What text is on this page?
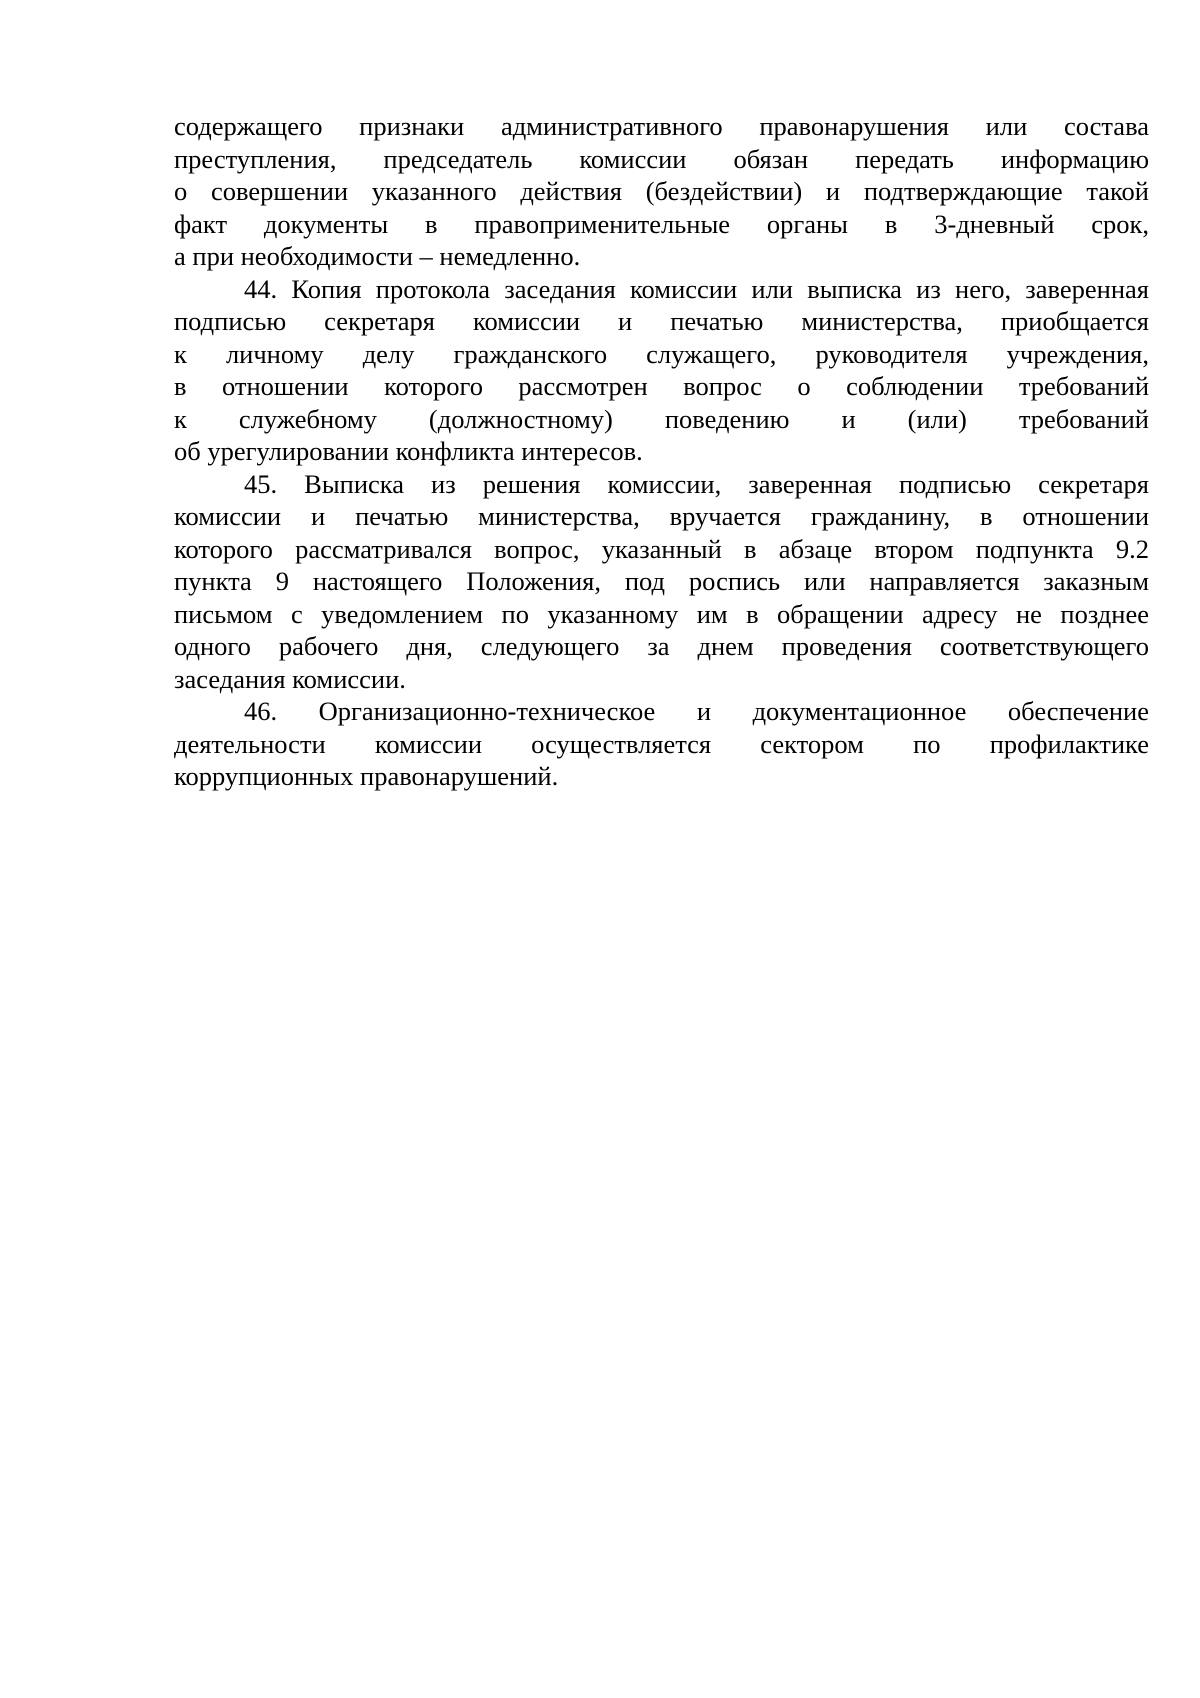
содержащего признаки административного правонарушения или состава
преступления, председатель комиссии обязан передать информацию
о совершении указанного действия (бездействии) и подтверждающие такой
факт документы в правоприменительные органы в 3-дневный срок,
а при необходимости – немедленно.
44. Копия протокола заседания комиссии или выписка из него, заверенная
подписью секретаря комиссии и печатью министерства, приобщается
к личному делу гражданского служащего, руководителя учреждения,
в отношении которого рассмотрен вопрос о соблюдении требований
к служебному (должностному) поведению и (или) требований
об урегулировании конфликта интересов.
45. Выписка из решения комиссии, заверенная подписью секретаря
комиссии и печатью министерства, вручается гражданину, в отношении
которого рассматривался вопрос, указанный в абзаце втором подпункта 9.2
пункта 9 настоящего Положения, под роспись или направляется заказным
письмом с уведомлением по указанному им в обращении адресу не позднее
одного рабочего дня, следующего за днем проведения соответствующего
заседания комиссии.
46. Организационно-техническое и документационное обеспечение
деятельности комиссии осуществляется сектором по профилактике
коррупционных правонарушений.
